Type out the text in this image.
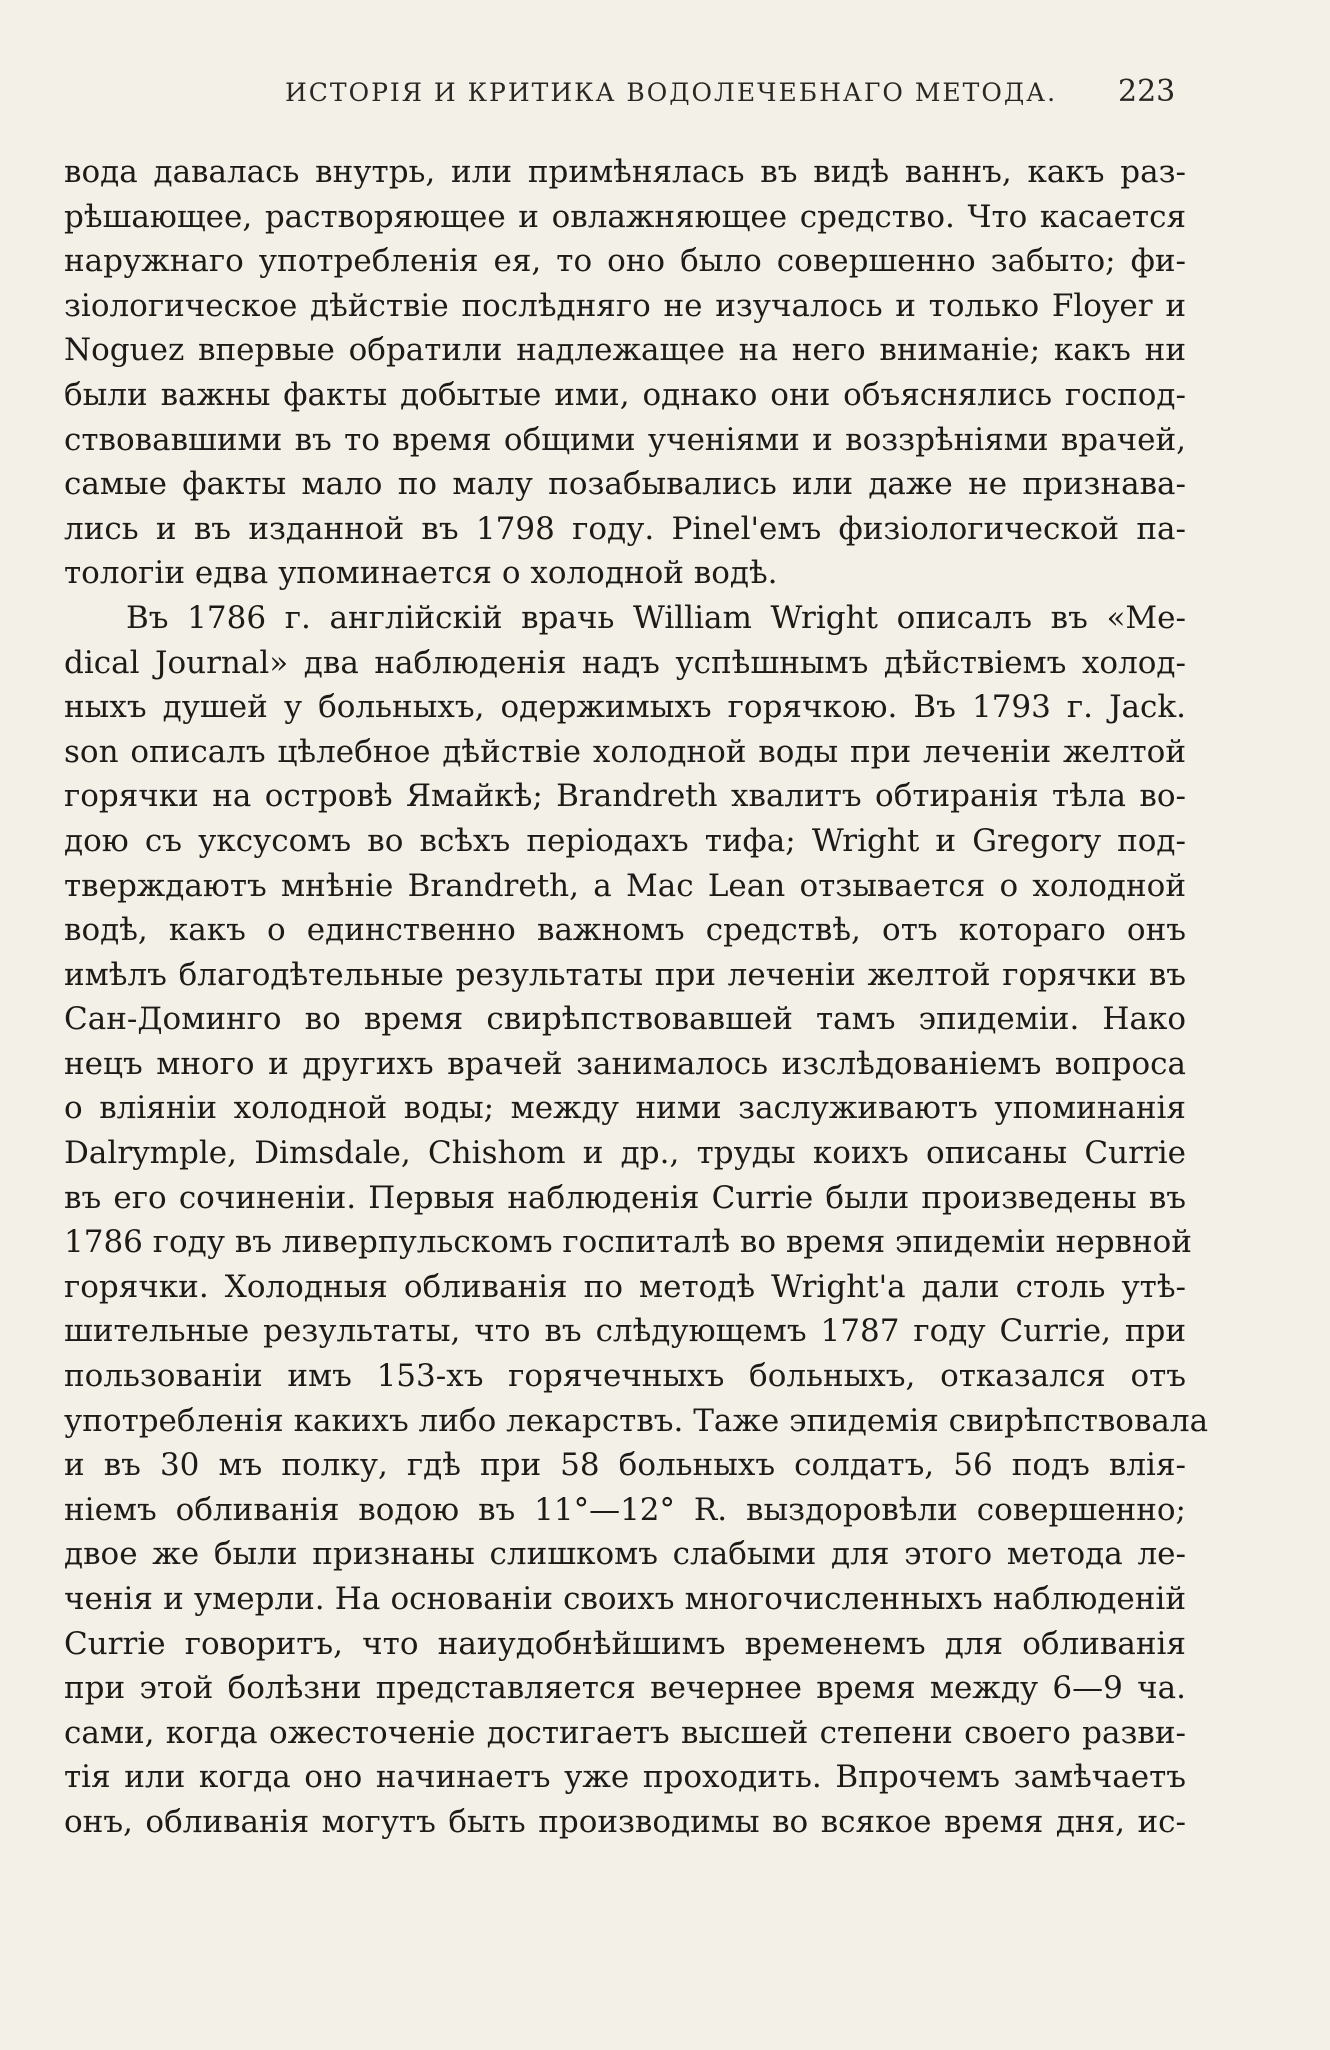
ИСТОРІЯ И КРИТИКА ВОДОЛЕЧЕБНАГО МЕТОДА. 223
вода давалась внутрь, или примѣнялась въ видѣ ваннъ, какъ раз-
рѣшающее, растворяющее и овлажняющее средство. Что касается
наружнаго употребленія ея, то оно было совершенно забыто; фи-
зіологическое дѣйствіе послѣдняго не изучалось и только Floyer и
Noguez впервые обратили надлежащее на него вниманіе; какъ ни
были важны факты добытые ими, однако они объяснялись господ-
ствовавшими въ то время общими ученіями и воззрѣніями врачей,
самые факты мало по малу позабывались или даже не признава-
лись и въ изданной въ 1798 году. Pinel'емъ физіологической па-
тологіи едва упоминается о холодной водѣ.
Въ 1786 г. англійскій врачь William Wright описалъ въ «Me-
dical Journal» два наблюденія надъ успѣшнымъ дѣйствіемъ холод-
ныхъ душей у больныхъ, одержимыхъ горячкою. Въ 1793 г. Jack.
son описалъ цѣлебное дѣйствіе холодной воды при леченіи желтой
горячки на островѣ Ямайкѣ; Brandreth хвалитъ обтиранія тѣла во-
дою съ уксусомъ во всѣхъ періодахъ тифа; Wright и Gregory под-
тверждаютъ мнѣніе Brandreth, а Mac Lean отзывается о холодной
водѣ, какъ о единственно важномъ средствѣ, отъ котораго онъ
имѣлъ благодѣтельные результаты при леченіи желтой горячки въ
Сан-Доминго во время свирѣпствовавшей тамъ эпидеміи. Нако
нецъ много и другихъ врачей занималось изслѣдованіемъ вопроса
о вліяніи холодной воды; между ними заслуживаютъ упоминанія
Dalrymple, Dimsdale, Chishom и др., труды коихъ описаны Currie
въ его сочиненіи. Первыя наблюденія Currie были произведены въ
1786 году въ ливерпульскомъ госпиталѣ во время эпидеміи нервной
горячки. Холодныя обливанія по методѣ Wright'а дали столь утѣ-
шительные результаты, что въ слѣдующемъ 1787 году Currie, при
пользованіи имъ 153-хъ горячечныхъ больныхъ, отказался отъ
употребленія какихъ либо лекарствъ. Таже эпидемія свирѣпствовала
и въ 30 мъ полку, гдѣ при 58 больныхъ солдатъ, 56 подъ влія-
ніемъ обливанія водою въ 11°—12° R. выздоровѣли совершенно;
двое же были признаны слишкомъ слабыми для этого метода ле-
ченія и умерли. На основаніи своихъ многочисленныхъ наблюденій
Currie говоритъ, что наиудобнѣйшимъ временемъ для обливанія
при этой болѣзни представляется вечернее время между 6—9 ча.
сами, когда ожесточеніе достигаетъ высшей степени своего разви-
тія или когда оно начинаетъ уже проходить. Впрочемъ замѣчаетъ
онъ, обливанія могутъ быть производимы во всякое время дня, ис-
